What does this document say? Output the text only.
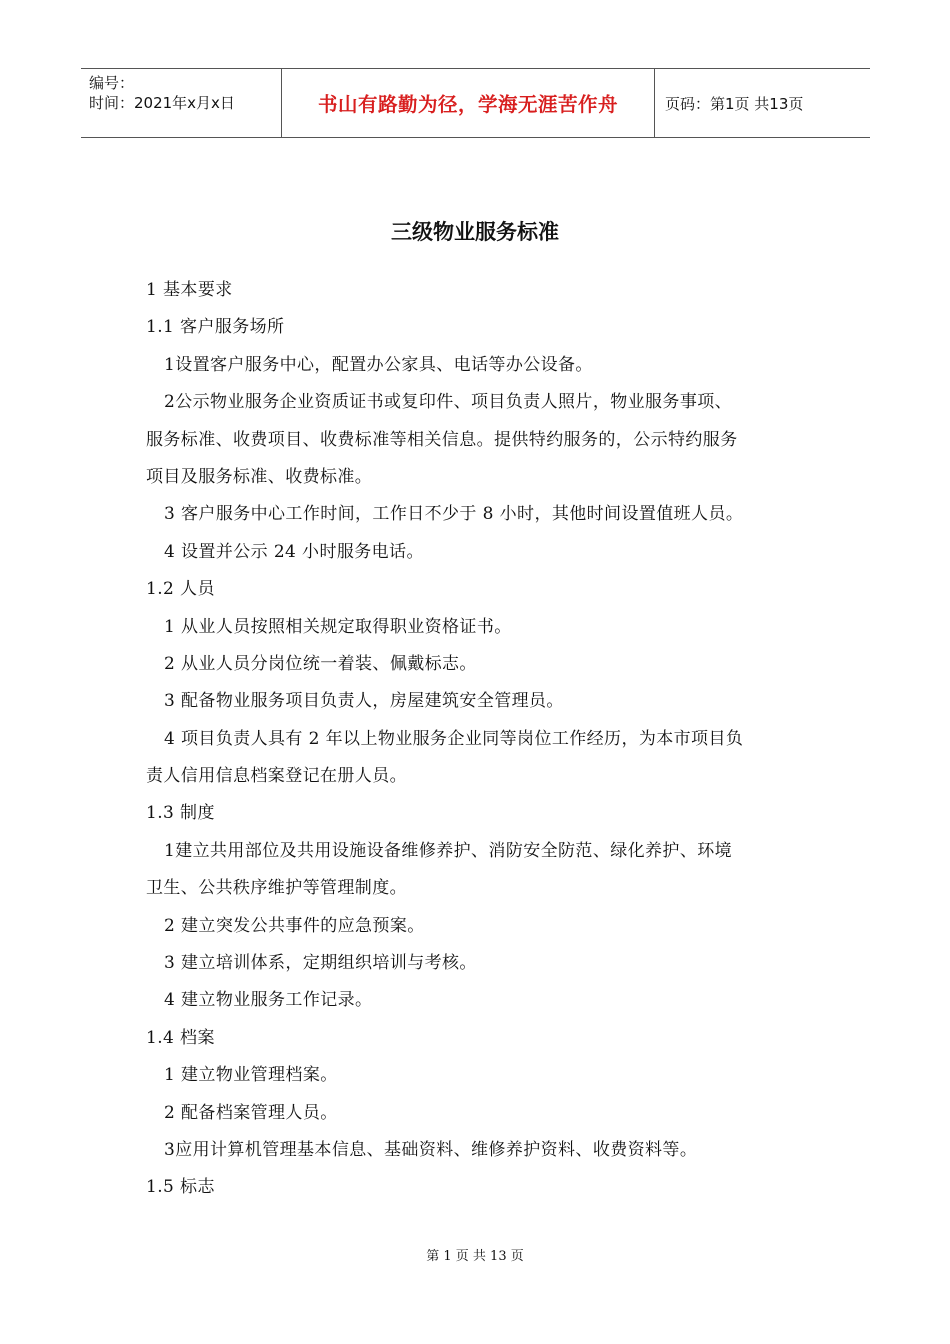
编号：
时间：2021年x月x日	书山有路勤为径，学海无涯苦作舟	页码：第1页 共13页
三级物业服务标准
1 基本要求
1.1 客户服务场所
1设置客户服务中心，配置办公家具、电话等办公设备。
2公示物业服务企业资质证书或复印件、项目负责人照片，物业服务事项、
服务标准、收费项目、收费标准等相关信息。提供特约服务的，公示特约服务
项目及服务标准、收费标准。
3 客户服务中心工作时间，工作日不少于 8 小时，其他时间设置值班人员。
4 设置并公示 24 小时服务电话。
1.2 人员
1 从业人员按照相关规定取得职业资格证书。
2 从业人员分岗位统一着装、佩戴标志。
3 配备物业服务项目负责人，房屋建筑安全管理员。
4 项目负责人具有 2 年以上物业服务企业同等岗位工作经历，为本市项目负
责人信用信息档案登记在册人员。
1.3 制度
1建立共用部位及共用设施设备维修养护、消防安全防范、绿化养护、环境
卫生、公共秩序维护等管理制度。
2 建立突发公共事件的应急预案。
3 建立培训体系，定期组织培训与考核。
4 建立物业服务工作记录。
1.4 档案
1 建立物业管理档案。
2 配备档案管理人员。
3应用计算机管理基本信息、基础资料、维修养护资料、收费资料等。
1.5 标志
第 1 页 共 13 页
